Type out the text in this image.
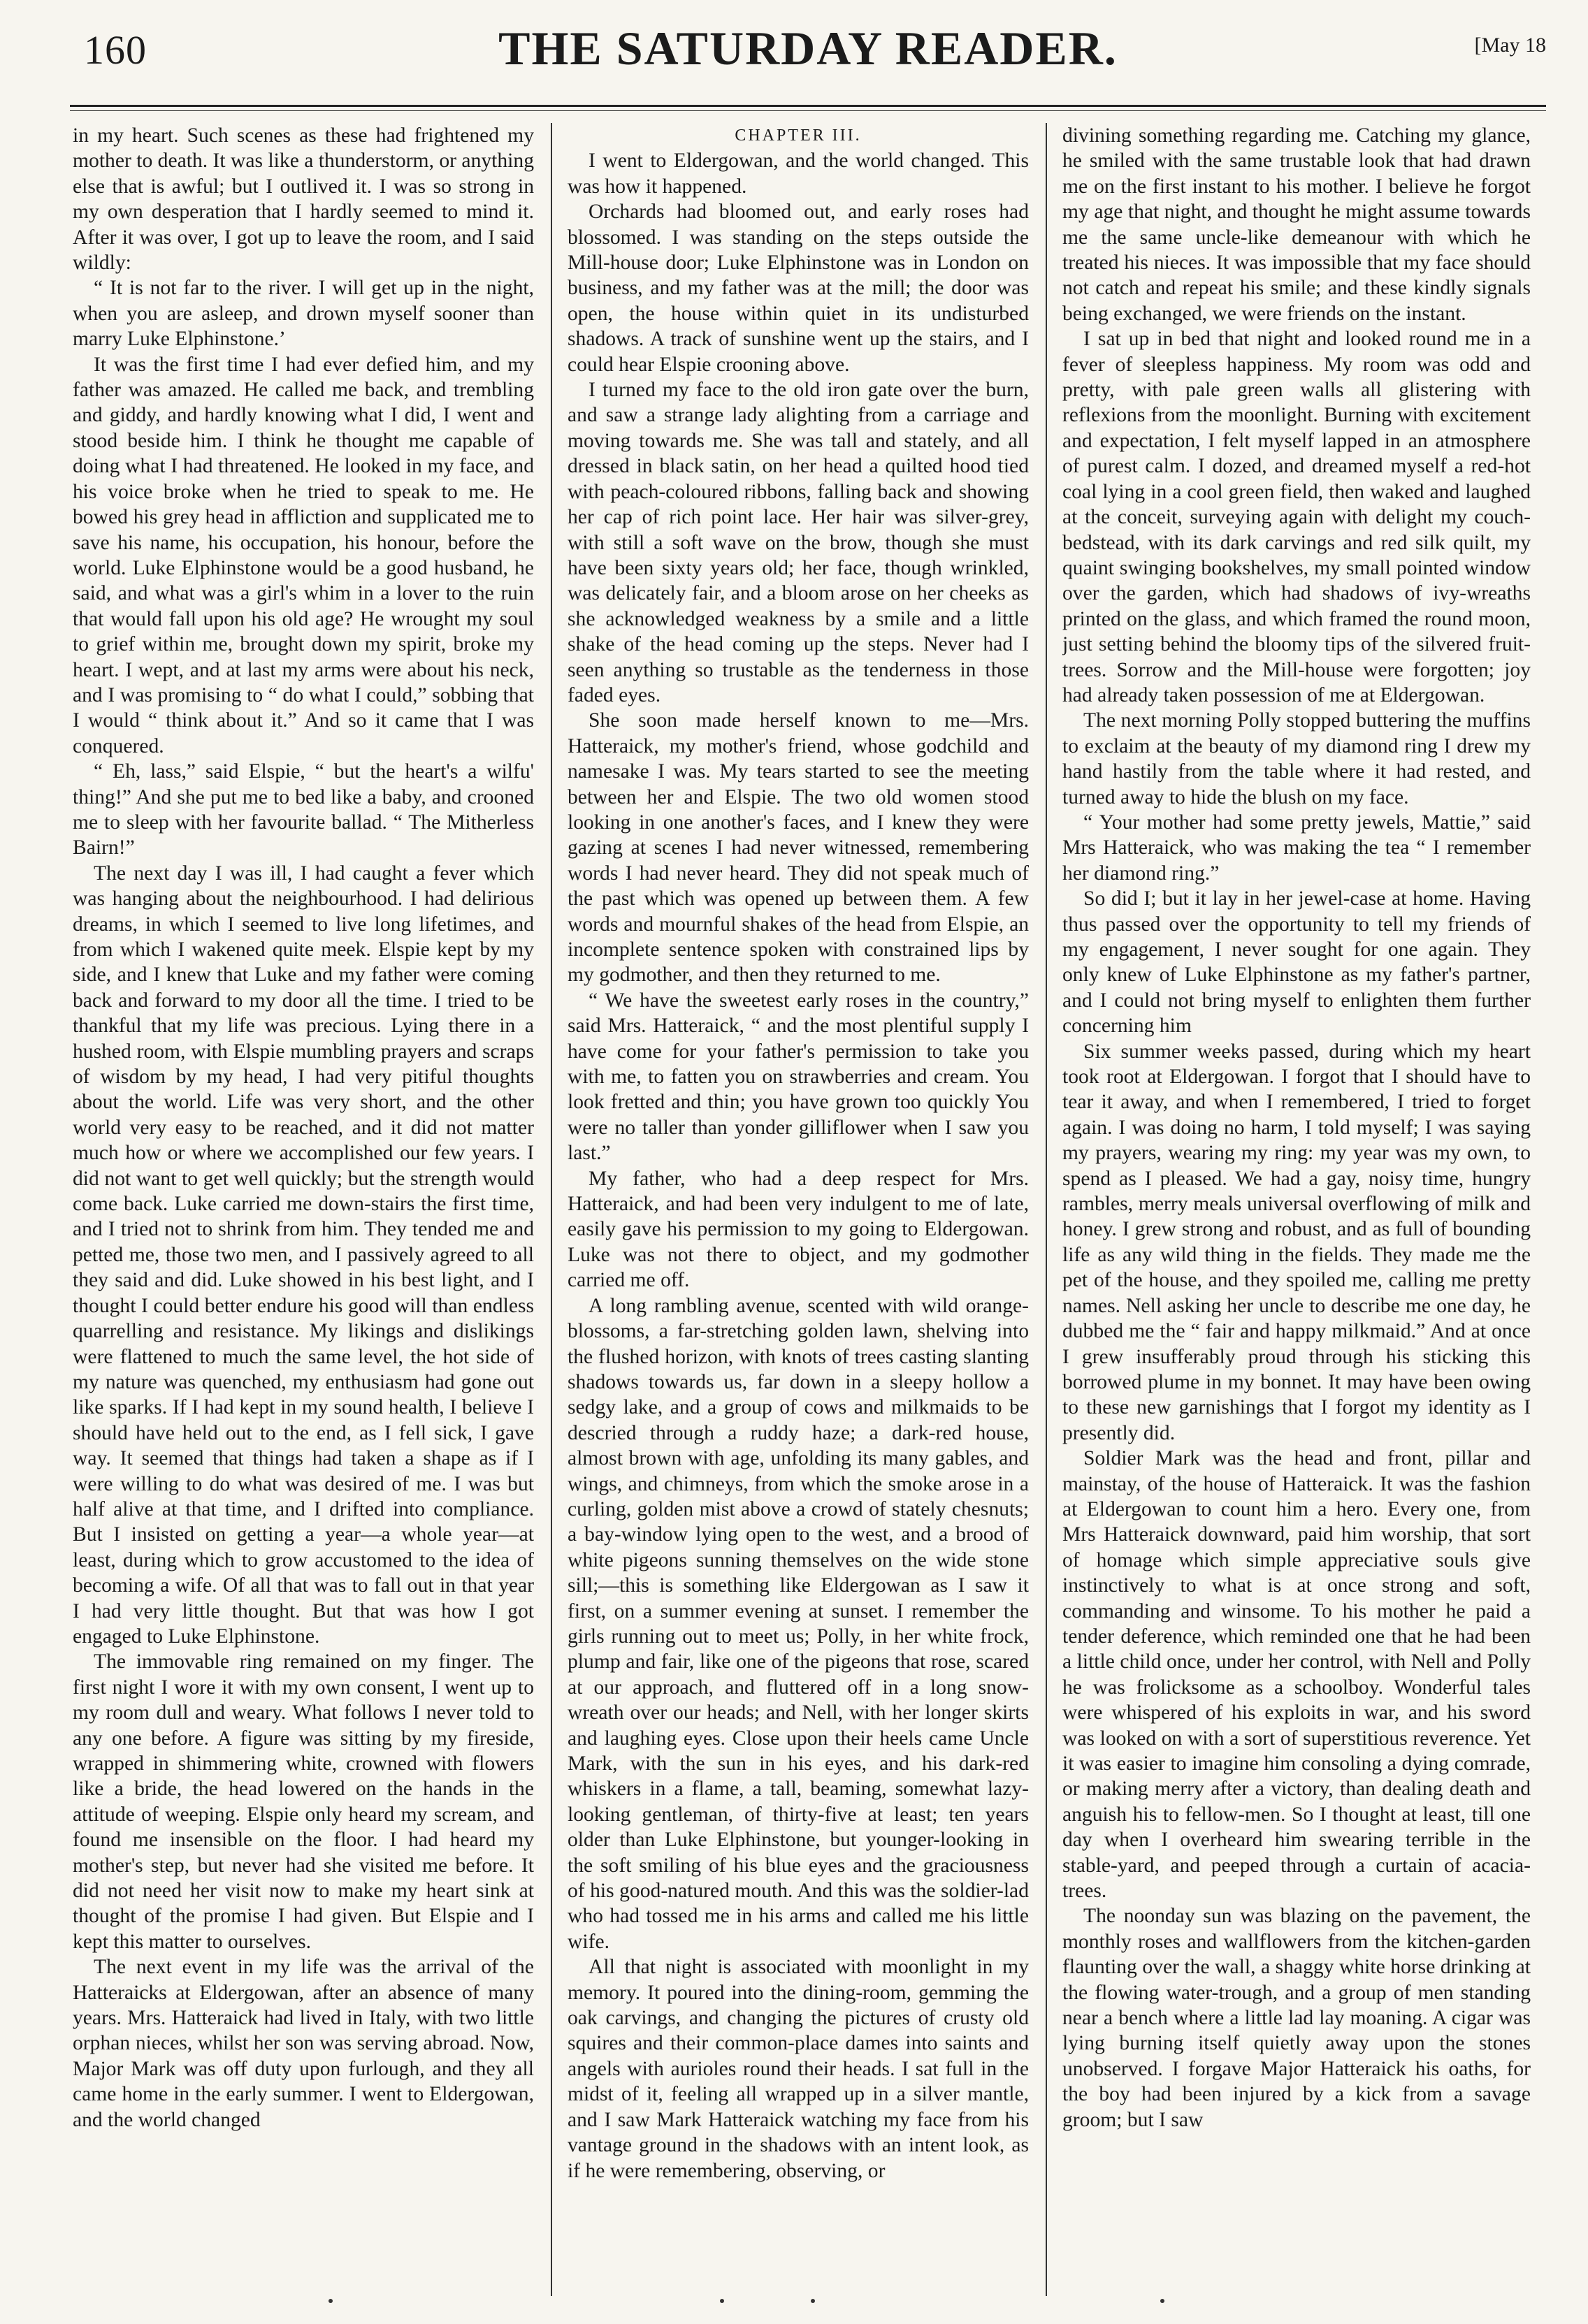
160	THE SATURDAY READER.	[May 18

in my heart. Such scenes as these had frightened my mother to death. It was like a thunderstorm, or anything else that is awful; but I outlived it. I was so strong in my own desperation that I hardly seemed to mind it. After it was over, I got up to leave the room, and I said wildly:

“ It is not far to the river. I will get up in the night, when you are asleep, and drown myself sooner than marry Luke Elphinstone.’

It was the first time I had ever defied him, and my father was amazed. He called me back, and trembling and giddy, and hardly knowing what I did, I went and stood beside him. I think he thought me capable of doing what I had threatened. He looked in my face, and his voice broke when he tried to speak to me. He bowed his grey head in affliction and supplicated me to save his name, his occupation, his honour, before the world. Luke Elphinstone would be a good husband, he said, and what was a girl's whim in a lover to the ruin that would fall upon his old age? He wrought my soul to grief within me, brought down my spirit, broke my heart. I wept, and at last my arms were about his neck, and I was promising to “ do what I could,” sobbing that I would “ think about it.” And so it came that I was conquered.

“ Eh, lass,” said Elspie, “ but the heart's a wilfu' thing!” And she put me to bed like a baby, and crooned me to sleep with her favourite ballad. “ The Mitherless Bairn!”

The next day I was ill, I had caught a fever which was hanging about the neighbourhood. I had delirious dreams, in which I seemed to live long lifetimes, and from which I wakened quite meek. Elspie kept by my side, and I knew that Luke and my father were coming back and forward to my door all the time. I tried to be thankful that my life was precious. Lying there in a hushed room, with Elspie mumbling prayers and scraps of wisdom by my head, I had very pitiful thoughts about the world. Life was very short, and the other world very easy to be reached, and it did not matter much how or where we accomplished our few years. I did not want to get well quickly; but the strength would come back. Luke carried me down-stairs the first time, and I tried not to shrink from him. They tended me and petted me, those two men, and I passively agreed to all they said and did. Luke showed in his best light, and I thought I could better endure his good will than endless quarrelling and resistance. My likings and dislikings were flattened to much the same level, the hot side of my nature was quenched, my enthusiasm had gone out like sparks. If I had kept in my sound health, I believe I should have held out to the end, as I fell sick, I gave way. It seemed that things had taken a shape as if I were willing to do what was desired of me. I was but half alive at that time, and I drifted into compliance. But I insisted on getting a year—a whole year—at least, during which to grow accustomed to the idea of becoming a wife. Of all that was to fall out in that year I had very little thought. But that was how I got engaged to Luke Elphinstone.

The immovable ring remained on my finger. The first night I wore it with my own consent, I went up to my room dull and weary. What follows I never told to any one before. A figure was sitting by my fireside, wrapped in shimmering white, crowned with flowers like a bride, the head lowered on the hands in the attitude of weeping. Elspie only heard my scream, and found me insensible on the floor. I had heard my mother's step, but never had she visited me before. It did not need her visit now to make my heart sink at thought of the promise I had given. But Elspie and I kept this matter to ourselves.

The next event in my life was the arrival of the Hatteraicks at Eldergowan, after an absence of many years. Mrs. Hatteraick had lived in Italy, with two little orphan nieces, whilst her son was serving abroad. Now, Major Mark was off duty upon furlough, and they all came home in the early summer. I went to Eldergowan, and the world changed

CHAPTER III.

I went to Eldergowan, and the world changed. This was how it happened.

Orchards had bloomed out, and early roses had blossomed. I was standing on the steps outside the Mill-house door; Luke Elphinstone was in London on business, and my father was at the mill; the door was open, the house within quiet in its undisturbed shadows. A track of sunshine went up the stairs, and I could hear Elspie crooning above.

I turned my face to the old iron gate over the burn, and saw a strange lady alighting from a carriage and moving towards me. She was tall and stately, and all dressed in black satin, on her head a quilted hood tied with peach-coloured ribbons, falling back and showing her cap of rich point lace. Her hair was silver-grey, with still a soft wave on the brow, though she must have been sixty years old; her face, though wrinkled, was delicately fair, and a bloom arose on her cheeks as she acknowledged weakness by a smile and a little shake of the head coming up the steps. Never had I seen anything so trustable as the tenderness in those faded eyes.

She soon made herself known to me—Mrs. Hatteraick, my mother's friend, whose godchild and namesake I was. My tears started to see the meeting between her and Elspie. The two old women stood looking in one another's faces, and I knew they were gazing at scenes I had never witnessed, remembering words I had never heard. They did not speak much of the past which was opened up between them. A few words and mournful shakes of the head from Elspie, an incomplete sentence spoken with constrained lips by my godmother, and then they returned to me.

“ We have the sweetest early roses in the country,” said Mrs. Hatteraick, “ and the most plentiful supply I have come for your father's permission to take you with me, to fatten you on strawberries and cream. You look fretted and thin; you have grown too quickly You were no taller than yonder gilliflower when I saw you last.”

My father, who had a deep respect for Mrs. Hatteraick, and had been very indulgent to me of late, easily gave his permission to my going to Eldergowan. Luke was not there to object, and my godmother carried me off.

A long rambling avenue, scented with wild orange-blossoms, a far-stretching golden lawn, shelving into the flushed horizon, with knots of trees casting slanting shadows towards us, far down in a sleepy hollow a sedgy lake, and a group of cows and milkmaids to be descried through a ruddy haze; a dark-red house, almost brown with age, unfolding its many gables, and wings, and chimneys, from which the smoke arose in a curling, golden mist above a crowd of stately chesnuts; a bay-window lying open to the west, and a brood of white pigeons sunning themselves on the wide stone sill;—this is something like Eldergowan as I saw it first, on a summer evening at sunset. I remember the girls running out to meet us; Polly, in her white frock, plump and fair, like one of the pigeons that rose, scared at our approach, and fluttered off in a long snow-wreath over our heads; and Nell, with her longer skirts and laughing eyes. Close upon their heels came Uncle Mark, with the sun in his eyes, and his dark-red whiskers in a flame, a tall, beaming, somewhat lazy-looking gentleman, of thirty-five at least; ten years older than Luke Elphinstone, but younger-looking in the soft smiling of his blue eyes and the graciousness of his good-natured mouth. And this was the soldier-lad who had tossed me in his arms and called me his little wife.

All that night is associated with moonlight in my memory. It poured into the dining-room, gemming the oak carvings, and changing the pictures of crusty old squires and their common-place dames into saints and angels with aurioles round their heads. I sat full in the midst of it, feeling all wrapped up in a silver mantle, and I saw Mark Hatteraick watching my face from his vantage ground in the shadows with an intent look, as if he were remembering, observing, or

divining something regarding me. Catching my glance, he smiled with the same trustable look that had drawn me on the first instant to his mother. I believe he forgot my age that night, and thought he might assume towards me the same uncle-like demeanour with which he treated his nieces. It was impossible that my face should not catch and repeat his smile; and these kindly signals being exchanged, we were friends on the instant.

I sat up in bed that night and looked round me in a fever of sleepless happiness. My room was odd and pretty, with pale green walls all glistering with reflexions from the moonlight. Burning with excitement and expectation, I felt myself lapped in an atmosphere of purest calm. I dozed, and dreamed myself a red-hot coal lying in a cool green field, then waked and laughed at the conceit, surveying again with delight my couch-bedstead, with its dark carvings and red silk quilt, my quaint swinging bookshelves, my small pointed window over the garden, which had shadows of ivy-wreaths printed on the glass, and which framed the round moon, just setting behind the bloomy tips of the silvered fruit-trees. Sorrow and the Mill-house were forgotten; joy had already taken possession of me at Eldergowan.

The next morning Polly stopped buttering the muffins to exclaim at the beauty of my diamond ring I drew my hand hastily from the table where it had rested, and turned away to hide the blush on my face.

“ Your mother had some pretty jewels, Mattie,” said Mrs Hatteraick, who was making the tea “ I remember her diamond ring.”

So did I; but it lay in her jewel-case at home. Having thus passed over the opportunity to tell my friends of my engagement, I never sought for one again. They only knew of Luke Elphinstone as my father's partner, and I could not bring myself to enlighten them further concerning him

Six summer weeks passed, during which my heart took root at Eldergowan. I forgot that I should have to tear it away, and when I remembered, I tried to forget again. I was doing no harm, I told myself; I was saying my prayers, wearing my ring: my year was my own, to spend as I pleased. We had a gay, noisy time, hungry rambles, merry meals universal overflowing of milk and honey. I grew strong and robust, and as full of bounding life as any wild thing in the fields. They made me the pet of the house, and they spoiled me, calling me pretty names. Nell asking her uncle to describe me one day, he dubbed me the “ fair and happy milkmaid.” And at once I grew insufferably proud through his sticking this borrowed plume in my bonnet. It may have been owing to these new garnishings that I forgot my identity as I presently did.

Soldier Mark was the head and front, pillar and mainstay, of the house of Hatteraick. It was the fashion at Eldergowan to count him a hero. Every one, from Mrs Hatteraick downward, paid him worship, that sort of homage which simple appreciative souls give instinctively to what is at once strong and soft, commanding and winsome. To his mother he paid a tender deference, which reminded one that he had been a little child once, under her control, with Nell and Polly he was frolicksome as a schoolboy. Wonderful tales were whispered of his exploits in war, and his sword was looked on with a sort of superstitious reverence. Yet it was easier to imagine him consoling a dying comrade, or making merry after a victory, than dealing death and anguish his to fellow-men. So I thought at least, till one day when I overheard him swearing terrible in the stable-yard, and peeped through a curtain of acacia-trees.

The noonday sun was blazing on the pavement, the monthly roses and wallflowers from the kitchen-garden flaunting over the wall, a shaggy white horse drinking at the flowing water-trough, and a group of men standing near a bench where a little lad lay moaning. A cigar was lying burning itself quietly away upon the stones unobserved. I forgave Major Hatteraick his oaths, for the boy had been injured by a kick from a savage groom; but I saw
